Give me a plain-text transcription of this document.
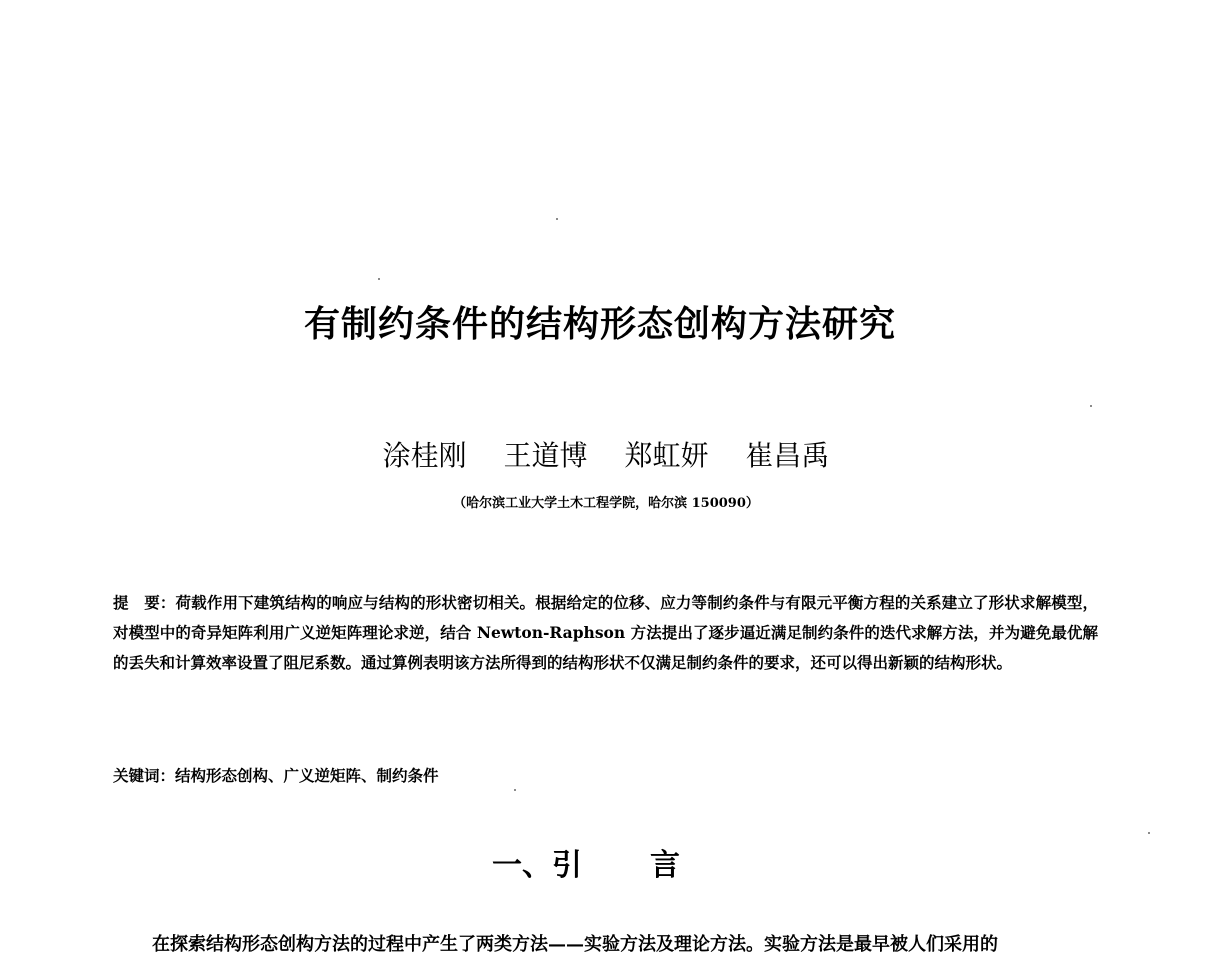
有制约条件的结构形态创构方法研究
涂桂刚 王道博 郑虹妍 崔昌禹
（哈尔滨工业大学土木工程学院，哈尔滨 150090）
提　要：荷载作用下建筑结构的响应与结构的形状密切相关。根据给定的位移、应力等制约条件与有限元平衡方程的关系建立了形状求解模型，对模型中的奇异矩阵利用广义逆矩阵理论求逆，结合 Newton-Raphson 方法提出了逐步逼近满足制约条件的迭代求解方法，并为避免最优解的丢失和计算效率设置了阻尼系数。通过算例表明该方法所得到的结构形状不仅满足制约条件的要求，还可以得出新颖的结构形状。
关键词：结构形态创构、广义逆矩阵、制约条件
一、引 言
在探索结构形态创构方法的过程中产生了两类方法——实验方法及理论方法。实验方法是最早被人们采用的
